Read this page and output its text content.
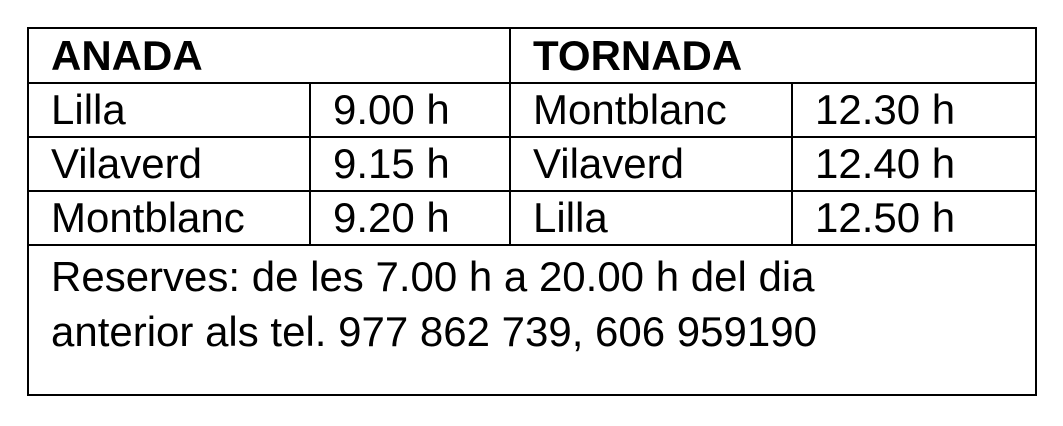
ANADA		TORNADA	
Lilla	9.00 h	Montblanc	12.30 h
Vilaverd	9.15 h	Vilaverd	12.40 h
Montblanc	9.20 h	Lilla	12.50 h

Reserves: de les 7.00 h a 20.00 h del dia
anterior als tel. 977 862 739, 606 959190			
